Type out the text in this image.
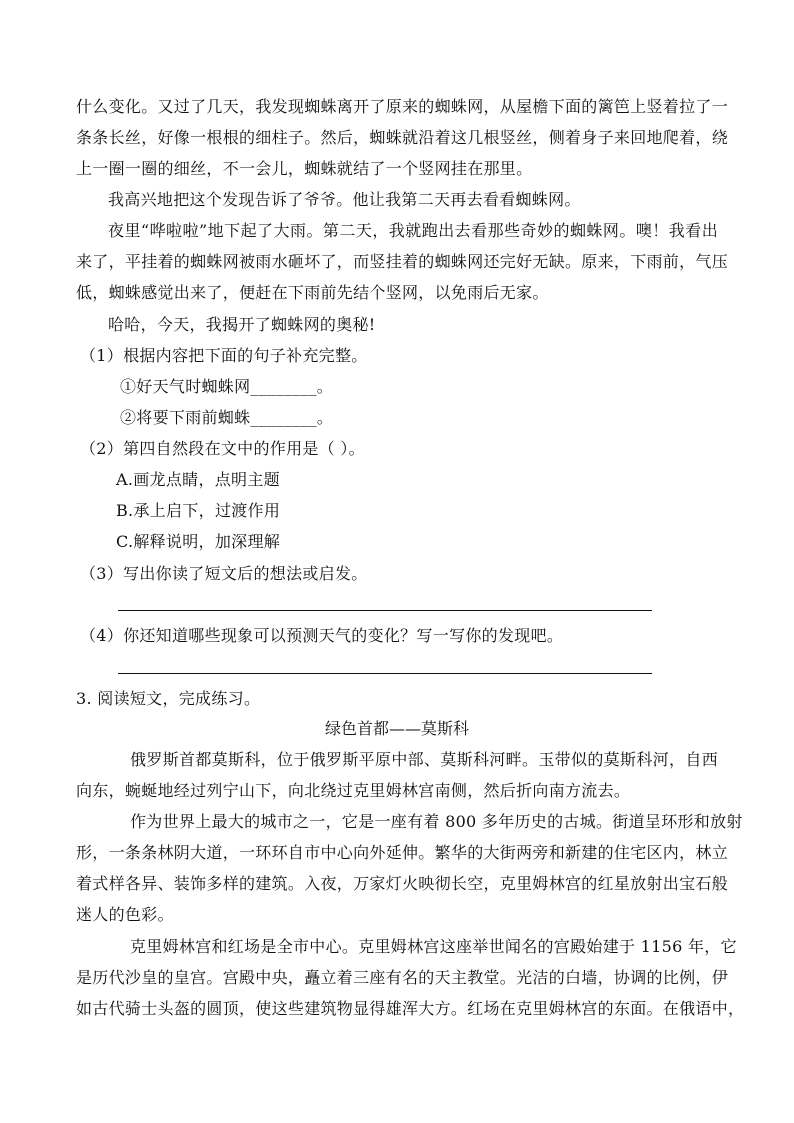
什么变化。又过了几天，我发现蜘蛛离开了原来的蜘蛛网，从屋檐下面的篱笆上竖着拉了一
条条长丝，好像一根根的细柱子。然后，蜘蛛就沿着这几根竖丝，侧着身子来回地爬着，绕
上一圈一圈的细丝，不一会儿，蜘蛛就结了一个竖网挂在那里。
我高兴地把这个发现告诉了爷爷。他让我第二天再去看看蜘蛛网。
夜里“哗啦啦”地下起了大雨。第二天，我就跑出去看那些奇妙的蜘蛛网。噢！我看出
来了，平挂着的蜘蛛网被雨水砸坏了，而竖挂着的蜘蛛网还完好无缺。原来，下雨前，气压
低，蜘蛛感觉出来了，便赶在下雨前先结个竖网，以免雨后无家。
哈哈，今天，我揭开了蜘蛛网的奥秘!
（1）根据内容把下面的句子补充完整。
①好天气时蜘蛛网________。
②将要下雨前蜘蛛________。
（2）第四自然段在文中的作用是（ ）。
A.画龙点睛，点明主题
B.承上启下，过渡作用
C.解释说明，加深理解
（3）写出你读了短文后的想法或启发。
（4）你还知道哪些现象可以预测天气的变化？写一写你的发现吧。
3. 阅读短文，完成练习。
绿色首都——莫斯科
俄罗斯首都莫斯科，位于俄罗斯平原中部、莫斯科河畔。玉带似的莫斯科河，自西
向东，蜿蜒地经过列宁山下，向北绕过克里姆林宫南侧，然后折向南方流去。
作为世界上最大的城市之一，它是一座有着 800 多年历史的古城。街道呈环形和放射
形，一条条林阴大道，一环环自市中心向外延伸。繁华的大街两旁和新建的住宅区内，林立
着式样各异、装饰多样的建筑。入夜，万家灯火映彻长空，克里姆林宫的红星放射出宝石般
迷人的色彩。
克里姆林宫和红场是全市中心。克里姆林宫这座举世闻名的宫殿始建于 1156 年，它
是历代沙皇的皇宫。宫殿中央，矗立着三座有名的天主教堂。光洁的白墙，协调的比例，伊
如古代骑士头盔的圆顶，使这些建筑物显得雄浑大方。红场在克里姆林宫的东面。在俄语中，
